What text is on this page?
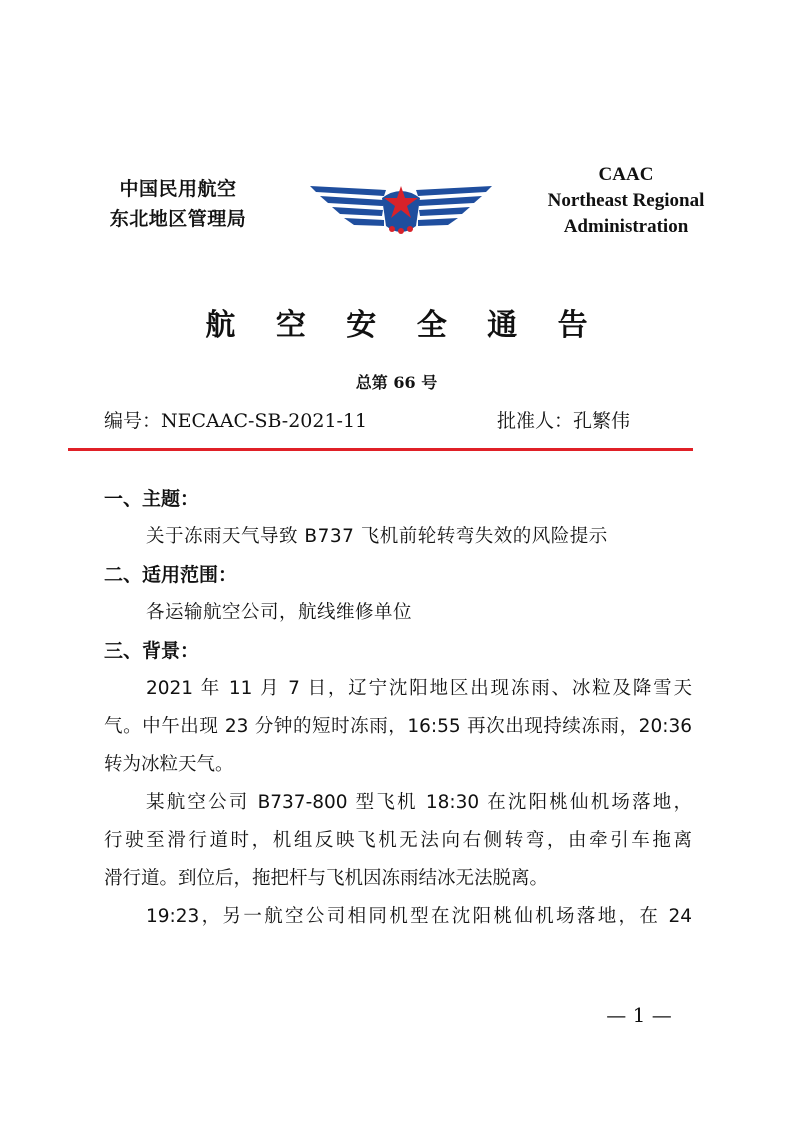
中国民用航空
东北地区管理局
CAAC
Northeast Regional
Administration
航 空 安 全 通 告
总第 66 号
编号：NECAAC-SB-2021-11	批准人：孔繁伟
一、主题：
关于冻雨天气导致 B737 飞机前轮转弯失效的风险提示
二、适用范围：
各运输航空公司，航线维修单位
三、背景：
2021 年 11 月 7 日，辽宁沈阳地区出现冻雨、冰粒及降雪天
气。中午出现 23 分钟的短时冻雨，16:55 再次出现持续冻雨，20:36
转为冰粒天气。
某航空公司 B737-800 型飞机 18:30 在沈阳桃仙机场落地，
行驶至滑行道时，机组反映飞机无法向右侧转弯，由牵引车拖离
滑行道。到位后，拖把杆与飞机因冻雨结冰无法脱离。
19:23，另一航空公司相同机型在沈阳桃仙机场落地，在 24
— 1 —
